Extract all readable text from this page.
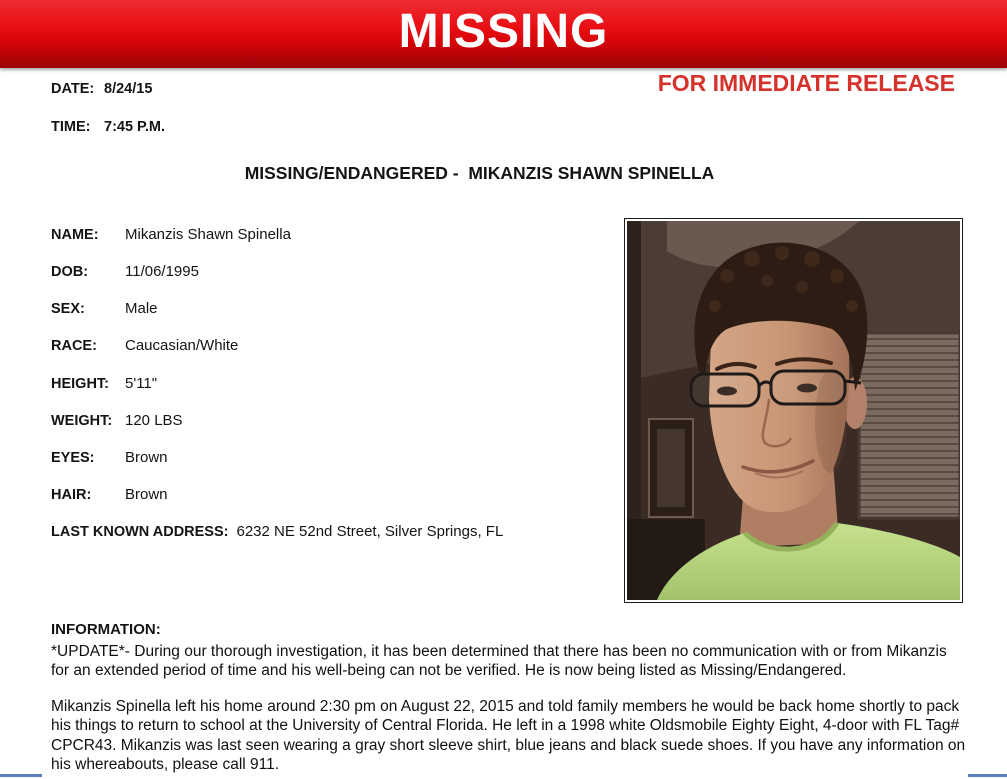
MISSING
FOR IMMEDIATE RELEASE
DATE: 8/24/15
TIME: 7:45 P.M.
MISSING/ENDANGERED -  MIKANZIS SHAWN SPINELLA
NAME: Mikanzis Shawn Spinella
DOB: 11/06/1995
SEX:	Male
RACE: Caucasian/White
HEIGHT: 5'11"
WEIGHT: 120 LBS
EYES: Brown
HAIR: Brown
LAST KNOWN ADDRESS: 6232 NE 52nd Street, Silver Springs, FL
INFORMATION:

*UPDATE*- During our thorough investigation, it has been determined that there has been no communication with or from Mikanzis for an extended period of time and his well-being can not be verified. He is now being listed as Missing/Endangered.

Mikanzis Spinella left his home around 2:30 pm on August 22, 2015 and told family members he would be back home shortly to pack his things to return to school at the University of Central Florida. He left in a 1998 white Oldsmobile Eighty Eight, 4-door with FL Tag# CPCR43. Mikanzis was last seen wearing a gray short sleeve shirt, blue jeans and black suede shoes. If you have any information on his whereabouts, please call 911.
